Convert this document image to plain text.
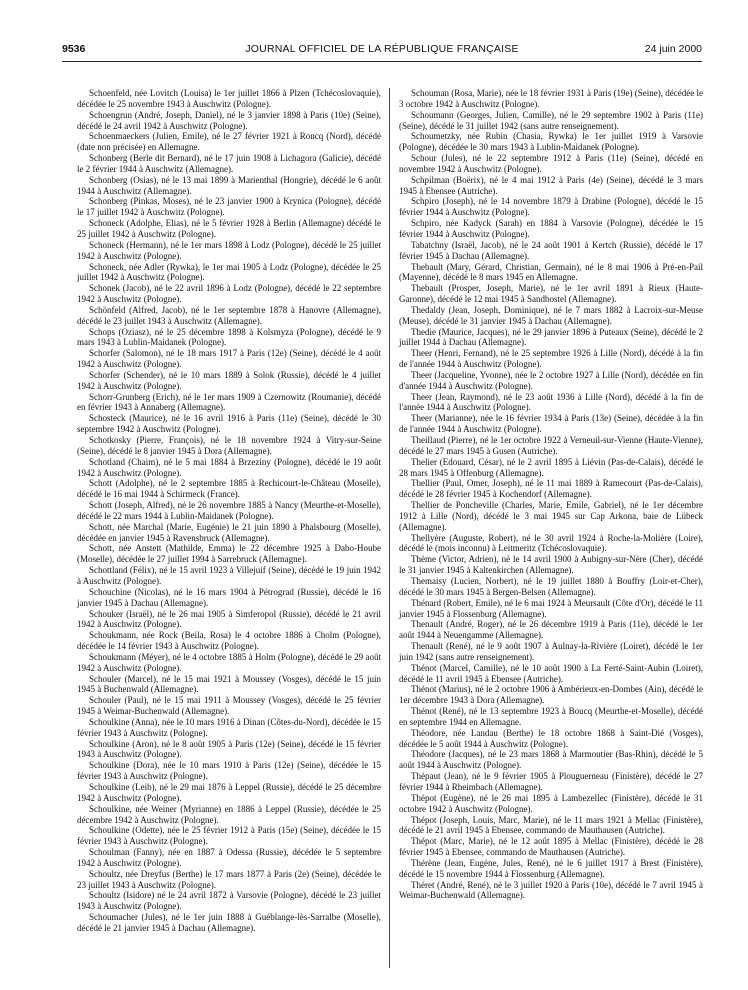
9536	JOURNAL OFFICIEL DE LA RÉPUBLIQUE FRANÇAISE	24 juin 2000

Schoenfeld, née Lovitch (Louisa) le 1er juillet 1866 à Plzen (Tchécoslovaquie), décédée le 25 novembre 1943 à Auschwitz (Pologne).

Schoengrun (André, Joseph, Daniel), né le 3 janvier 1898 à Paris (10e) (Seine), décédé le 24 avril 1942 à Auschwitz (Pologne).

Schoenmaeckers (Julien, Emile), né le 27 février 1921 à Roncq (Nord), décédé (date non précisée) en Allemagne.

Schonberg (Berle dit Bernard), né le 17 juin 1908 à Lichagora (Galicie), décédé le 2 février 1944 à Auschwitz (Allemagne).

Schonberg (Osias), né le 13 mai 1899 à Marienthal (Hongrie), décédé le 6 août 1944 à Auschwitz (Allemagne).

Schonberg (Pinkas, Moses), né le 23 janvier 1900 à Krynica (Pologne), décédé le 17 juillet 1942 à Auschwitz (Pologne).

Schoneck (Adolphe, Elias), né le 5 février 1928 à Berlin (Allemagne) décédé le 25 juillet 1942 à Auschwitz (Pologne).

Schoneck (Hermann), né le 1er mars 1898 à Lodz (Pologne), décédé le 25 juillet 1942 à Auschwitz (Pologne).

Schoneck, née Adler (Rywka), le 1er mai 1905 à Lodz (Pologne), décédée le 25 juillet 1942 à Auschwitz (Pologne).

Schonek (Jacob), né le 22 avril 1896 à Lodz (Pologne), décédé le 22 septembre 1942 à Auschwitz (Pologne).

Schönfeld (Alfred, Jacob), né le 1er septembre 1878 à Hanovre (Allemagne), décédé le 23 juillet 1943 à Auschwitz (Allemagne).

Schops (Oziasz), né le 25 décembre 1898 à Kolsmyza (Pologne), décédé le 9 mars 1943 à Lublin-Maidanek (Pologne).

Schorfer (Salomon), né le 18 mars 1917 à Paris (12e) (Seine), décédé le 4 août 1942 à Auschwitz (Pologne).

Schorfer (Schender), né le 10 mars 1889 à Solok (Russie), décédé le 4 juillet 1942 à Auschwitz (Pologne).

Schorr-Grunberg (Erich), né le 1er mars 1909 à Czernowitz (Roumanie), décédé en février 1943 à Annaberg (Allemagne).

Schosteck (Maurice), né le 16 avril 1916 à Paris (11e) (Seine), décédé le 30 septembre 1942 à Auschwitz (Pologne).

Schotkosky (Pierre, François), né le 18 novembre 1924 à Vitry-sur-Seine (Seine), décédé le 8 janvier 1945 à Dora (Allemagne).

Schotland (Chaim), né le 5 mai 1884 à Brzeziny (Pologne), décédé le 19 août 1942 à Auschwitz (Pologne).

Schott (Adolphe), né le 2 septembre 1885 à Rechicourt-le-Château (Moselle), décédé le 16 mai 1944 à Schirmeck (France).

Schott (Joseph, Alfred), né le 26 novembre 1885 à Nancy (Meurthe-et-Moselle), décédé le 22 mars 1944 à Lublin-Maidanek (Pologne).

Schott, née Marchal (Marie, Eugénie) le 21 juin 1890 à Phalsbourg (Moselle), décédée en janvier 1945 à Ravensbruck (Allemagne).

Schott, née Anstett (Mathilde, Emma) le 22 décembre 1925 à Dabo-Hoube (Moselle), décédée le 27 juillet 1994 à Sarrebruck (Allemagne).

Schottland (Félix), né le 15 avril 1923 à Villejuif (Seine), décédé le 19 juin 1942 à Auschwitz (Pologne).

Schouchine (Nicolas), né le 16 mars 1904 à Pétrograd (Russie), décédé le 16 janvier 1945 à Dachau (Allemagne).

Schouker (Israël), né le 26 mai 1905 à Simferopol (Russie), décédé le 21 avril 1942 à Auschwitz (Pologne).

Schoukmann, née Rock (Beila, Rosa) le 4 octobre 1886 à Cholm (Pologne), décédée le 14 février 1943 à Auschwitz (Pologne).

Schoukmann (Méyer), né le 4 octobre 1885 à Holm (Pologne), décédé le 29 août 1942 à Auschwitz (Pologne).

Schouler (Marcel), né le 15 mai 1921 à Moussey (Vosges), décédé le 15 juin 1945 à Buchenwald (Allemagne).

Schouler (Paul), né le 15 mai 1911 à Moussey (Vosges), décédé le 25 février 1945 à Weimar-Buchenwald (Allemagne).

Schoulkine (Anna), née le 10 mars 1916 à Dinan (Côtes-du-Nord), décédée le 15 février 1943 à Auschwitz (Pologne).

Schoulkine (Aron), né le 8 août 1905 à Paris (12e) (Seine), décédé le 15 février 1943 à Auschwitz (Pologne).

Schoulkine (Dora), née le 10 mars 1910 à Paris (12e) (Seine), décédée le 15 février 1943 à Auschwitz (Pologne).

Schoulkine (Leib), né le 29 mai 1876 à Leppel (Russie), décédé le 25 décembre 1942 à Auschwitz (Pologne).

Schoulkine, née Weiner (Myrianne) en 1886 à Leppel (Russie), décédée le 25 décembre 1942 à Auschwitz (Pologne).

Schoulkine (Odette), née le 25 février 1912 à Paris (15e) (Seine), décédée le 15 février 1943 à Auschwitz (Pologne).

Schoulman (Fanny), née en 1887 à Odessa (Russie), décédée le 5 septembre 1942 à Auschwitz (Pologne).

Schoultz, née Dreyfus (Berthe) le 17 mars 1877 à Paris (2e) (Seine), décédée le 23 juillet 1943 à Auschwitz (Pologne).

Schoultz (Isidore) né le 24 avril 1872 à Varsovie (Pologne), décédé le 23 juillet 1943 à Auschwitz (Pologne).

Schoumacher (Jules), né le 1er juin 1888 à Guéblange-lès-Sarralbe (Moselle), décédé le 21 janvier 1945 à Dachau (Allemagne).

Schouman (Rosa, Marie), née le 18 février 1931 à Paris (19e) (Seine), décédée le 3 octobre 1942 à Auschwitz (Pologne).

Schoumann (Georges, Julien, Camille), né le 29 septembre 1902 à Paris (11e) (Seine), décédé le 31 juillet 1942 (sans autre renseignement).

Schoumetzky, née Rubin (Chasia, Rywka) le 1er juillet 1919 à Varsovie (Pologne), décédée le 30 mars 1943 à Lublin-Maidanek (Pologne).

Schour (Jules), né le 22 septembre 1912 à Paris (11e) (Seine), décédé en novembre 1942 à Auschwitz (Pologne).

Schpilman (Boërix), né le 4 mai 1912 à Paris (4e) (Seine), décédé le 3 mars 1945 à Ebensee (Autriche).

Schpiro (Joseph), né le 14 novembre 1879 à Drabine (Pologne), décédé le 15 février 1944 à Auschwitz (Pologne).

Schpiro, née Kadyck (Sarah) en 1884 à Varsovie (Pologne), décédée le 15 février 1944 à Auschwitz (Pologne).

Tabatchny (Israël, Jacob), né le 24 août 1901 à Kertch (Russie), décédé le 17 février 1945 à Dachau (Allemagne).

Thebault (Mary, Gérard, Christian, Germain), né le 8 mai 1906 à Pré-en-Pail (Mayenne), décédé le 8 mars 1945 en Allemagne.

Thebault (Prosper, Joseph, Marie), né le 1er avril 1891 à Rieux (Haute-Garonne), décédé le 12 mai 1945 à Sandbostel (Allemagne).

Thedaldy (Jean, Joseph, Dominique), né le 7 mars 1882 à Lacroix-sur-Meuse (Meuse), décédé le 31 janvier 1945 à Dachau (Allemagne).

Thedie (Maurice, Jacques), né le 29 janvier 1896 à Puteaux (Seine), décédé le 2 juillet 1944 à Dachau (Allemagne).

Theer (Henri, Fernand), né le 25 septembre 1926 à Lille (Nord), décédé à la fin de l'année 1944 à Auschwitz (Pologne).

Theer (Jacqueline, Yvonne), née le 2 octobre 1927 à Lille (Nord), décédée en fin d'année 1944 à Auschwitz (Pologne).

Theer (Jean, Raymond), né le 23 août 1936 à Lille (Nord), décédé à la fin de l'année 1944 à Auschwitz (Pologne).

Theer (Marianne), née le 16 février 1934 à Paris (13e) (Seine), décédée à la fin de l'année 1944 à Auschwitz (Pologne).

Theillaud (Pierre), né le 1er octobre 1922 à Verneuil-sur-Vienne (Haute-Vienne), décédé le 27 mars 1945 à Gusen (Autriche).

Thelier (Edouard, César), né le 2 avril 1895 à Liévin (Pas-de-Calais), décédé le 28 mars 1945 à Offenburg (Allemagne).

Thellier (Paul, Omer, Joseph), né le 11 mai 1889 à Ramecourt (Pas-de-Calais), décédé le 28 février 1945 à Kochendorf (Allemagne).

Thellier de Poncheville (Charles, Marie, Emile, Gabriel), né le 1er décembre 1912 à Lille (Nord), décédé le 3 mai 1945 sur Cap Arkona, baie de Lübeck (Allemagne).

Thellyère (Auguste, Robert), né le 30 avril 1924 à Roche-la-Molière (Loire), décédé le (mois inconnu) à Leitmeritz (Tchécoslovaquie).

Thème (Victor, Adrien), né le 14 avril 1900 à Aubigny-sur-Nère (Cher), décédé le 31 janvier 1945 à Kaltenkirchen (Allemagne).

Themaisy (Lucien, Norbert), né le 19 juillet 1880 à Bouffry (Loir-et-Cher), décédé le 30 mars 1945 à Bergen-Belsen (Allemagne).

Thénard (Robert, Emile), né le 6 mai 1924 à Meursault (Côte d'Or), décédé le 11 janvier 1945 à Flossenburg (Allemagne).

Thenault (André, Roger), né le 26 décembre 1919 à Paris (11e), décédé le 1er août 1944 à Neuengamme (Allemagne).

Thenault (René), né le 9 août 1907 à Aulnay-la-Rivière (Loiret), décédé le 1er juin 1942 (sans autre renseignement).

Thénot (Marcel, Camille), né le 10 août 1900 à La Ferté-Saint-Aubin (Loiret), décédé le 11 avril 1945 à Ebensee (Autriche).

Thénot (Marius), né le 2 octobre 1906 à Ambérieux-en-Dombes (Ain), décédé le 1er décembre 1943 à Dora (Allemagne).

Thénot (René), né le 13 septembre 1923 à Boucq (Meurthe-et-Moselle), décédé en septembre 1944 en Allemagne.

Théodore, née Landau (Berthe) le 18 octobre 1868 à Saint-Dié (Vosges), décédée le 5 août 1944 à Auschwitz (Pologne).

Théodore (Jacques), né le 23 mars 1868 à Marmoutier (Bas-Rhin), décédé le 5 août 1944 à Auschwitz (Pologne).

Thépaut (Jean), né le 9 février 1905 à Plouguerneau (Finistère), décédé le 27 février 1944 à Rheimbach (Allemagne).

Thépot (Eugène), né le 26 mai 1895 à Lambezellec (Finistère), décédé le 31 octobre 1942 à Auschwitz (Pologne).

Thépot (Joseph, Louis, Marc, Marie), né le 11 mars 1921 à Mellac (Finistère), décédé le 21 avril 1945 à Ebensee, commando de Mauthausen (Autriche).

Thépot (Marc, Marie), né le 12 août 1895 à Mellac (Finistère), décédé le 28 février 1945 à Ebensee, commando de Mauthausen (Autriche).

Thérène (Jean, Eugène, Jules, René), né le 6 juillet 1917 à Brest (Finistère), décédé le 15 novembre 1944 à Flossenburg (Allemagne).

Théret (André, René), né le 3 juillet 1920 à Paris (10e), décédé le 7 avril 1945 à Weimar-Buchenwald (Allemagne).
